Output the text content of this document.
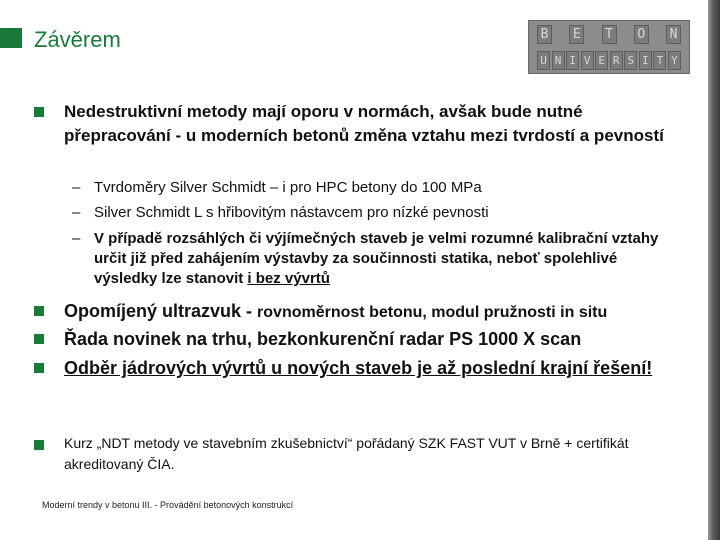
Závěrem	B E T O N
U N I V E R S I T Y
Nedestruktivní metody mají oporu v normách, avšak bude nutné přepracování - u moderních betonů změna vztahu mezi tvrdostí a pevností
– Tvrdoměry Silver Schmidt – i pro HPC betony do 100 MPa
– Silver Schmidt L s hřibovitým nástavcem pro nízké pevnosti
– V případě rozsáhlých či výjímečných staveb je velmi rozumné kalibrační vztahy určit již před zahájením výstavby za součinnosti statika, neboť spolehlivé výsledky lze stanovit i bez vývrtů
Opomíjený ultrazvuk - rovnoměrnost betonu, modul pružnosti in situ
Řada novinek na trhu, bezkonkurenční radar PS 1000 X scan
Odběr jádrových vývrtů u nových staveb je až poslední krajní řešení!
Kurz „NDT metody ve stavebním zkušebnictví“ pořádaný SZK FAST VUT v Brně + certifikát akreditovaný ČIA.
Moderní trendy v betonu III. - Provádění betonových konstrukcí
